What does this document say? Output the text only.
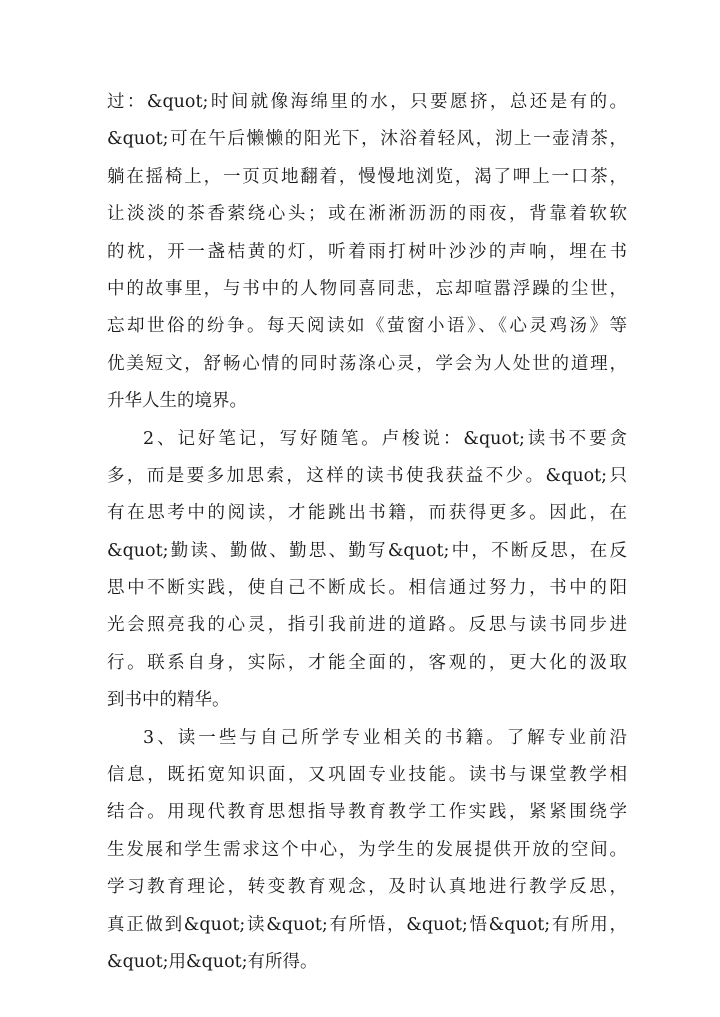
过：&quot;时间就像海绵里的水，只要愿挤，总还是有的。
&quot;可在午后懒懒的阳光下，沐浴着轻风，沏上一壶清茶，
躺在摇椅上，一页页地翻着，慢慢地浏览，渴了呷上一口茶，
让淡淡的茶香萦绕心头；或在淅淅沥沥的雨夜，背靠着软软
的枕，开一盏桔黄的灯，听着雨打树叶沙沙的声响，埋在书
中的故事里，与书中的人物同喜同悲，忘却喧嚣浮躁的尘世，
忘却世俗的纷争。每天阅读如《萤窗小语》、《心灵鸡汤》等
优美短文，舒畅心情的同时荡涤心灵，学会为人处世的道理，
升华人生的境界。
2、记好笔记，写好随笔。卢梭说：&quot;读书不要贪
多，而是要多加思索，这样的读书使我获益不少。&quot;只
有在思考中的阅读，才能跳出书籍，而获得更多。因此，在
&quot;勤读、勤做、勤思、勤写&quot;中，不断反思，在反
思中不断实践，使自己不断成长。相信通过努力，书中的阳
光会照亮我的心灵，指引我前进的道路。反思与读书同步进
行。联系自身，实际，才能全面的，客观的，更大化的汲取
到书中的精华。
3、读一些与自己所学专业相关的书籍。了解专业前沿
信息，既拓宽知识面，又巩固专业技能。读书与课堂教学相
结合。用现代教育思想指导教育教学工作实践，紧紧围绕学
生发展和学生需求这个中心，为学生的发展提供开放的空间。
学习教育理论，转变教育观念，及时认真地进行教学反思，
真正做到&quot;读&quot;有所悟，&quot;悟&quot;有所用，
&quot;用&quot;有所得。
